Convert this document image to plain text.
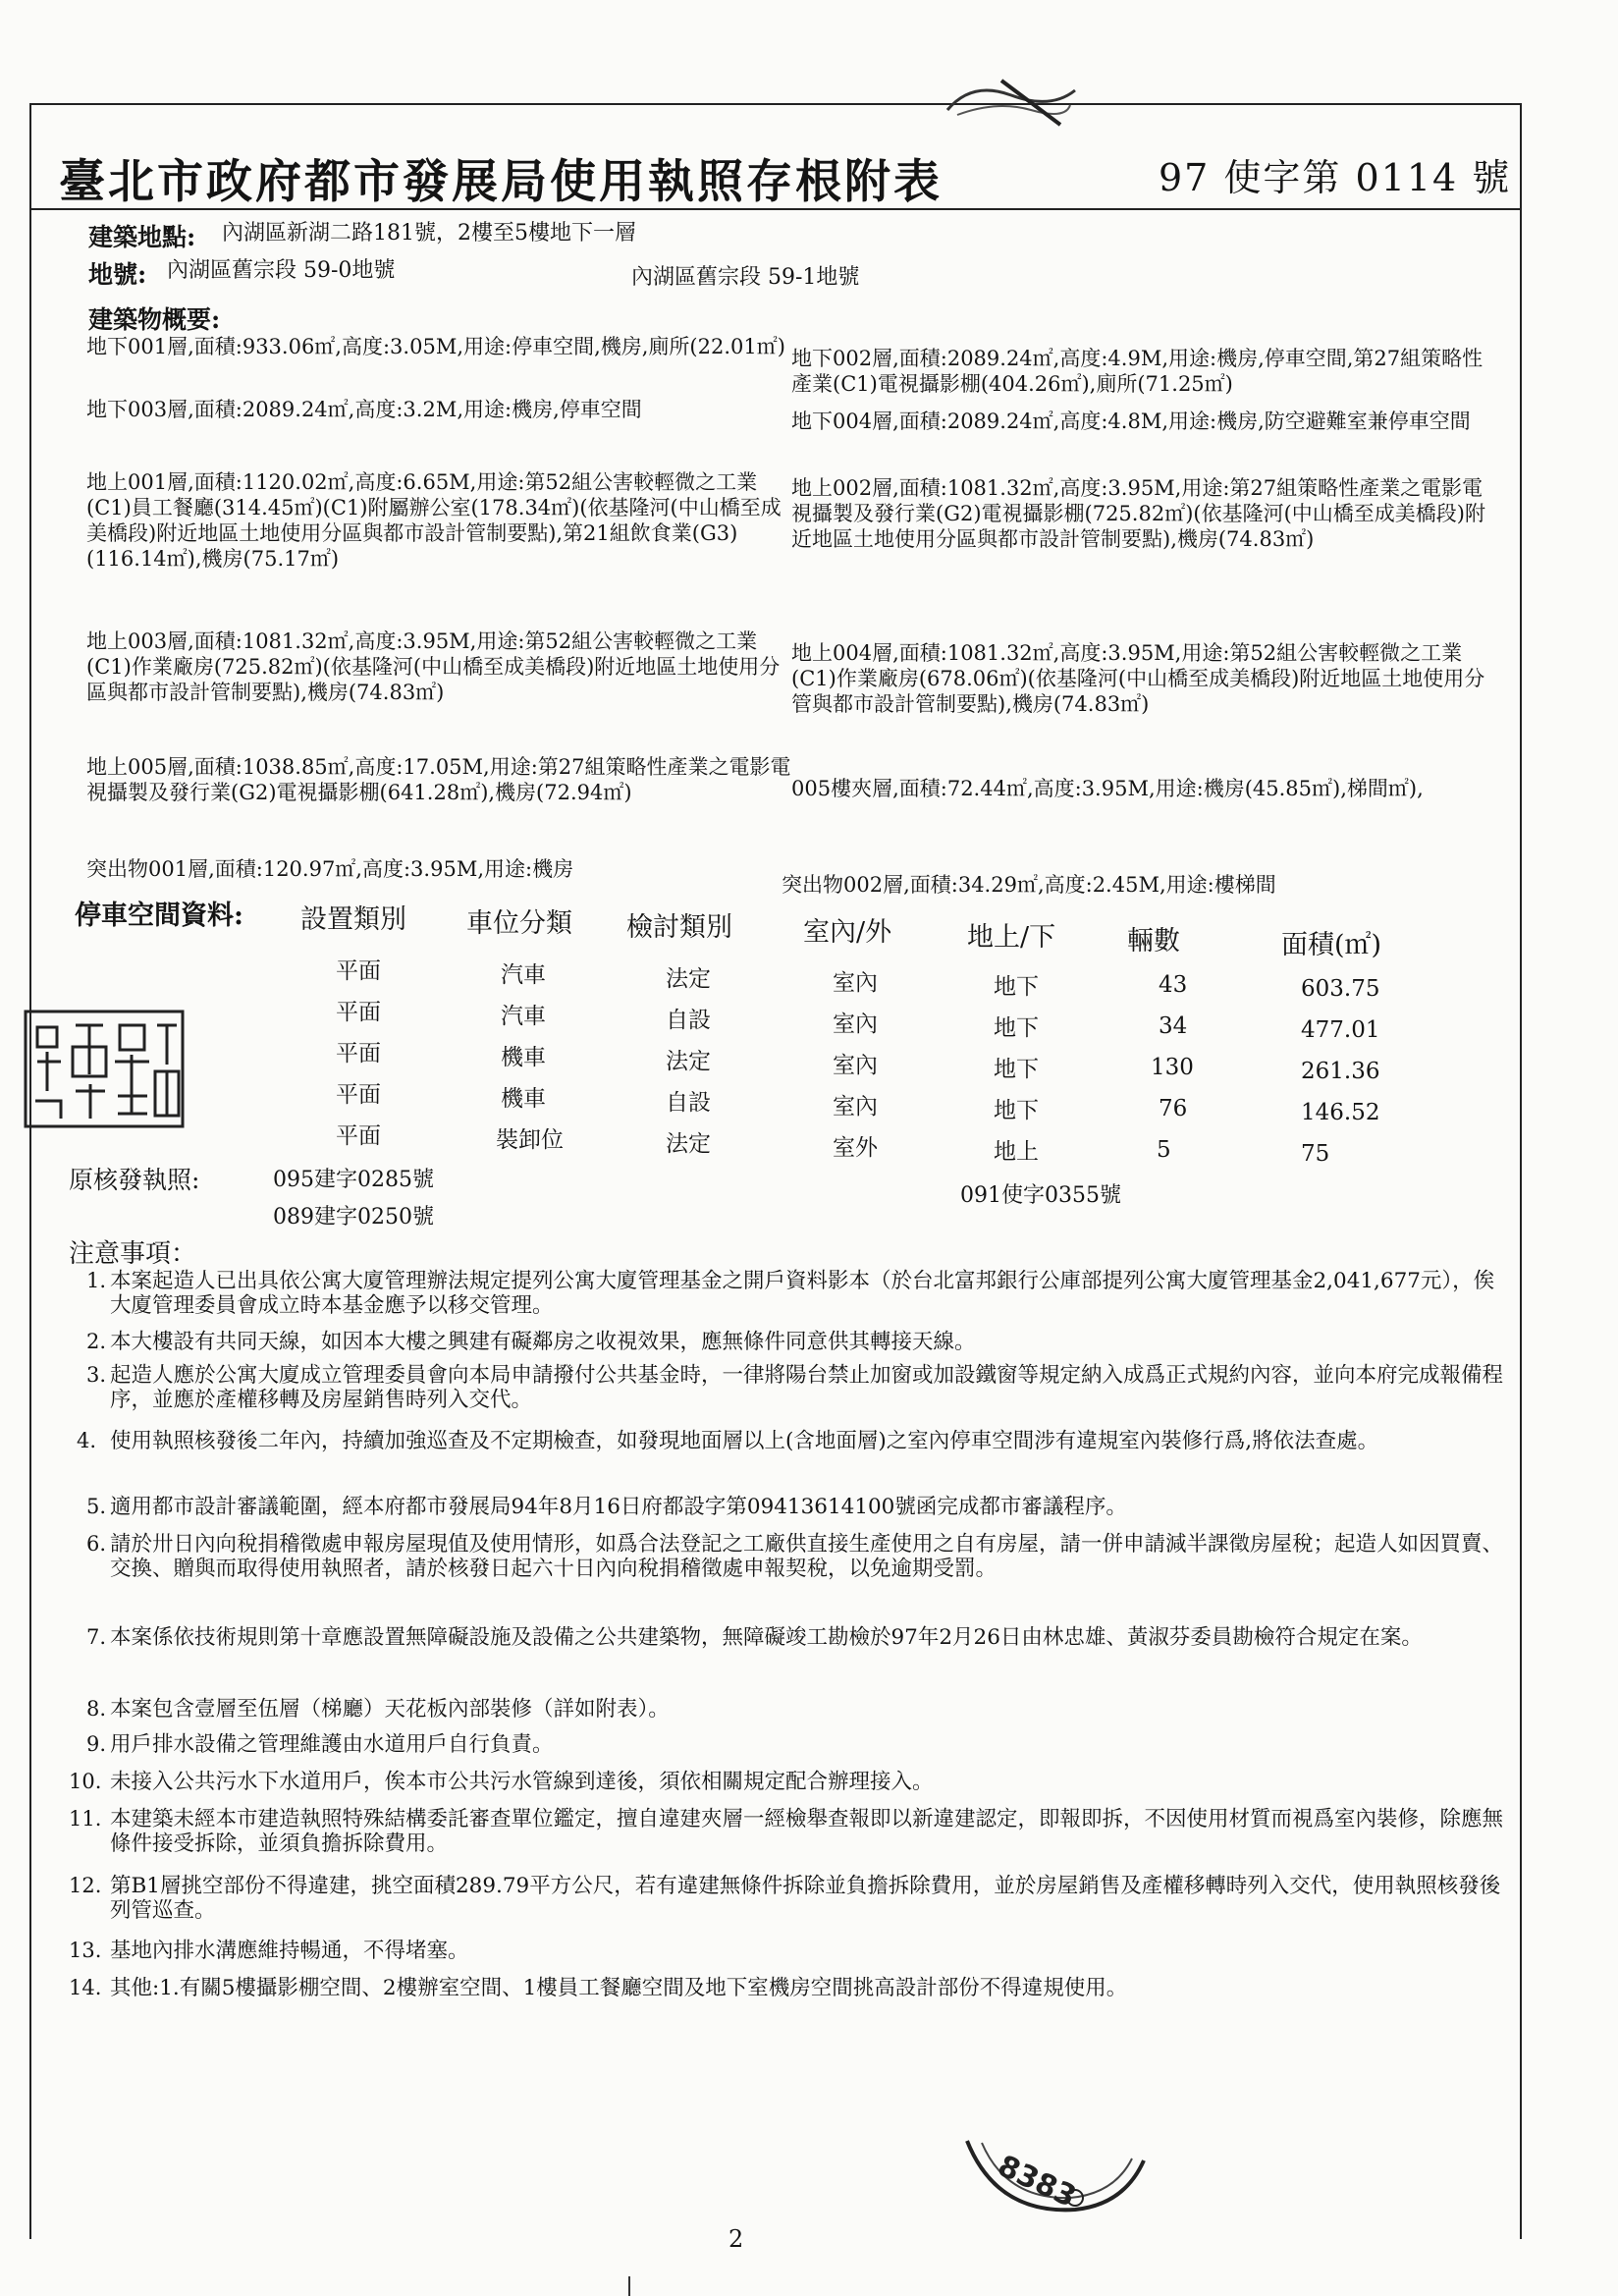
臺北市政府都市發展局使用執照存根附表	97 使字第 0114 號
建築地點: 內湖區新湖二路181號，2樓至5樓地下一層
地號: 內湖區舊宗段 59-0地號	內湖區舊宗段 59-1地號
建築物概要:
地下001層,面積:933.06㎡,高度:3.05M,用途:停車空間,機房,廁所(22.01㎡) 地下002層,面積:2089.24㎡,高度:4.9M,用途:機房,停車空間,第27組策略性產業(C1)電視攝影棚(404.26㎡),廁所(71.25㎡)
地下003層,面積:2089.24㎡,高度:3.2M,用途:機房,停車空間	地下004層,面積:2089.24㎡,高度:4.8M,用途:機房,防空避難室兼停車空間
地上001層,面積:1120.02㎡,高度:6.65M,用途:第52組公害較輕微之工業(C1)員工餐廳(314.45㎡)(C1)附屬辦公室(178.34㎡)(依基隆河(中山橋至成美橋段)附近地區土地使用分區與都市設計管制要點),第21組飲食業(G3)(116.14㎡),機房(75.17㎡)
地上002層,面積:1081.32㎡,高度:3.95M,用途:第27組策略性產業之電影電視攝製及發行業(G2)電視攝影棚(725.82㎡)(依基隆河(中山橋至成美橋段)附近地區土地使用分區與都市設計管制要點),機房(74.83㎡)
地上003層,面積:1081.32㎡,高度:3.95M,用途:第52組公害較輕微之工業(C1)作業廠房(725.82㎡)(依基隆河(中山橋至成美橋段)附近地區土地使用分區與都市設計管制要點),機房(74.83㎡)
地上004層,面積:1081.32㎡,高度:3.95M,用途:第52組公害較輕微之工業(C1)作業廠房(678.06㎡)(依基隆河(中山橋至成美橋段)附近地區土地使用分管與都市設計管制要點),機房(74.83㎡)
地上005層,面積:1038.85㎡,高度:17.05M,用途:第27組策略性產業之電影電視攝製及發行業(G2)電視攝影棚(641.28㎡),機房(72.94㎡)	005樓夾層,面積:72.44㎡,高度:3.95M,用途:機房(45.85㎡),梯間㎡),
突出物001層,面積:120.97㎡,高度:3.95M,用途:機房
突出物002層,面積:34.29㎡,高度:2.45M,用途:樓梯間
停車空間資料: 設置類別 車位分類 檢討類別	室內/外	地上/下	輛數	面積(㎡)
平面	汽車	法定	室內	地下	43	603.75
平面	汽車	自設	室內	地下	34	477.01
平面	機車	法定	室內	地下	130	261.36
平面	機車	自設	室內	地下	76	146.52
平面	裝卸位	法定	室外	地上	5	75
原核發執照:	095建字0285號
089建字0250號
091使字0355號
注意事項：
1. 本案起造人已出具依公寓大廈管理辦法規定提列公寓大廈管理基金之開戶資料影本（於台北富邦銀行公庫部提列公寓大廈管理基金2,041,677元），俟大廈管理委員會成立時本基金應予以移交管理。
2. 本大樓設有共同天線，如因本大樓之興建有礙鄰房之收視效果，應無條件同意供其轉接天線。
3. 起造人應於公寓大廈成立管理委員會向本局申請撥付公共基金時，一律將陽台禁止加窗或加設鐵窗等規定納入成爲正式規約內容，並向本府完成報備程序，並應於產權移轉及房屋銷售時列入交代。
4. 使用執照核發後二年內，持續加強巡查及不定期檢查，如發現地面層以上(含地面層)之室內停車空間涉有違規室內裝修行爲,將依法查處。
5. 適用都市設計審議範圍，經本府都市發展局94年8月16日府都設字第09413614100號函完成都市審議程序。
6. 請於卅日內向稅捐稽徵處申報房屋現值及使用情形，如爲合法登記之工廠供直接生產使用之自有房屋，請一併申請減半課徵房屋稅；起造人如因買賣、交換、贈與而取得使用執照者，請於核發日起六十日內向稅捐稽徵處申報契稅，以免逾期受罰。
7. 本案係依技術規則第十章應設置無障礙設施及設備之公共建築物，無障礙竣工勘檢於97年2月26日由林忠雄、黃淑芬委員勘檢符合規定在案。
8. 本案包含壹層至伍層（梯廳）天花板內部裝修（詳如附表）。
9. 用戶排水設備之管理維護由水道用戶自行負責。
10. 未接入公共污水下水道用戶，俟本市公共污水管線到達後，須依相關規定配合辦理接入。
11. 本建築未經本市建造執照特殊結構委託審查單位鑑定，擅自違建夾層一經檢舉查報即以新違建認定，即報即拆，不因使用材質而視爲室內裝修，除應無條件接受拆除，並須負擔拆除費用。
12. 第B1層挑空部份不得違建，挑空面積289.79平方公尺，若有違建無條件拆除並負擔拆除費用，並於房屋銷售及產權移轉時列入交代，使用執照核發後列管巡查。
13. 基地內排水溝應維持暢通，不得堵塞。
14. 其他:1.有關5樓攝影棚空間、2樓辦室空間、1樓員工餐廳空間及地下室機房空間挑高設計部份不得違規使用。
8383
2
